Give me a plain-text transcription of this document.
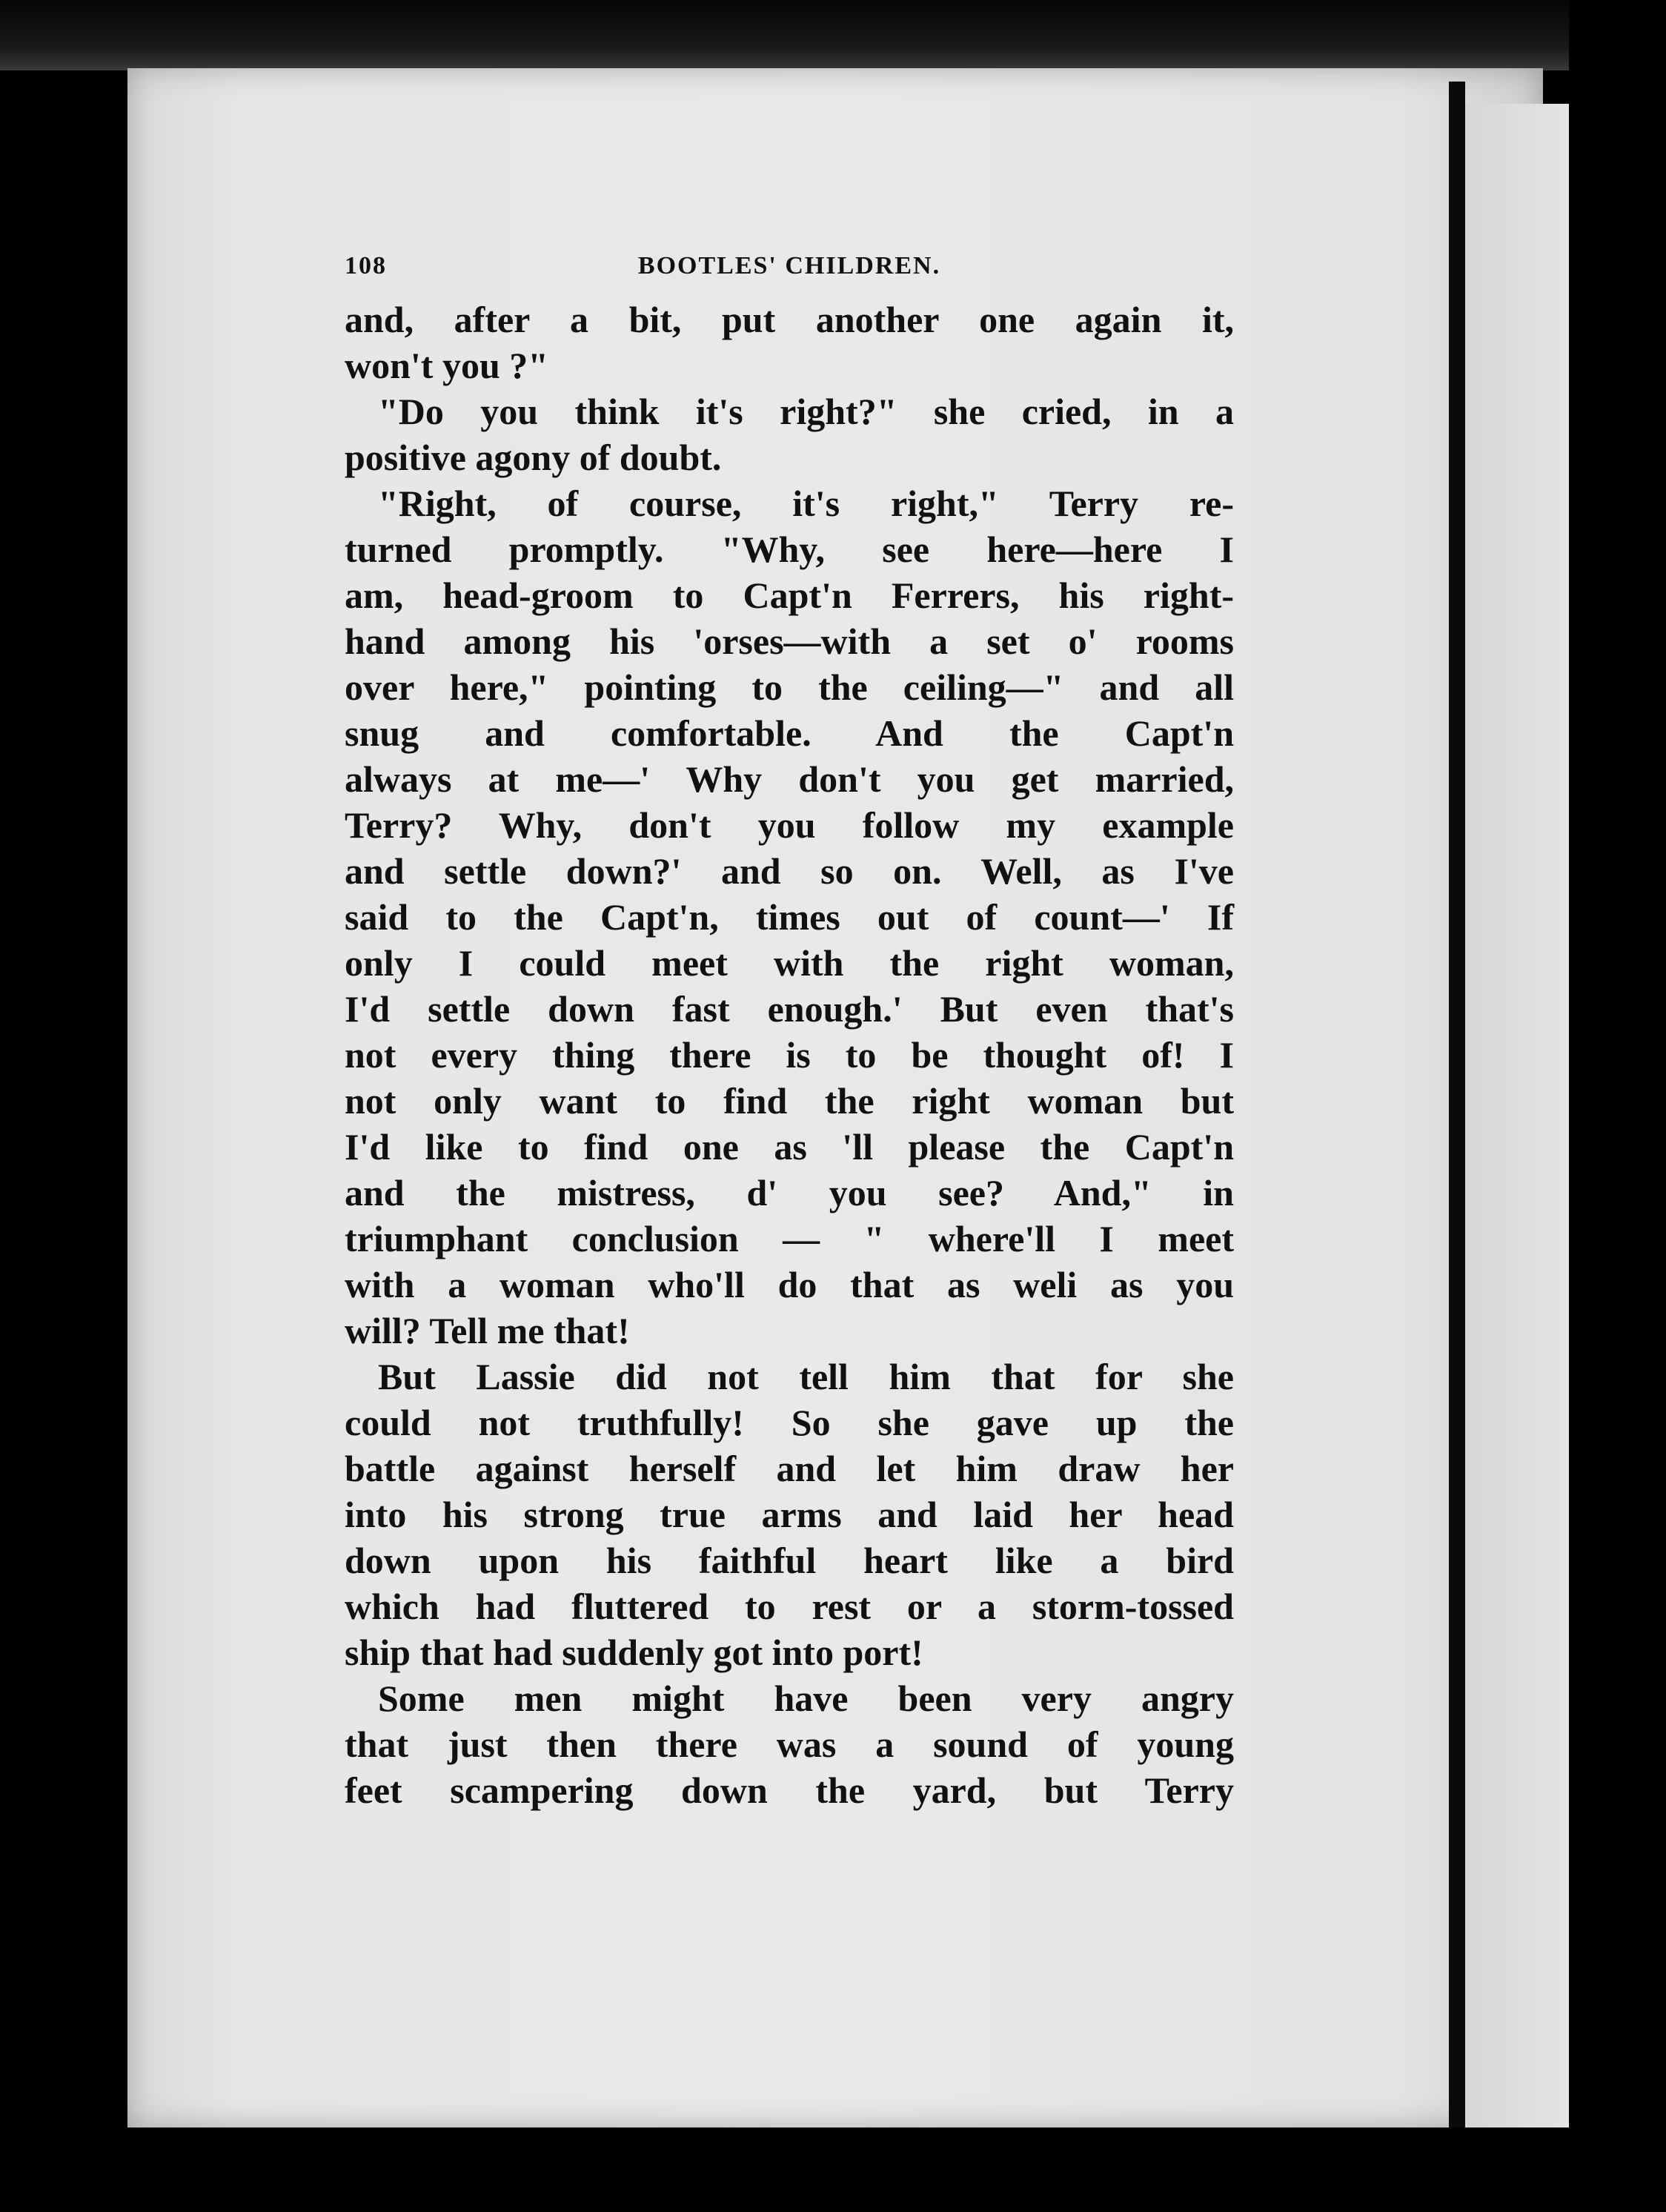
108	BOOTLES' CHILDREN.
and, after a bit, put another one again it,
won't you ?"
"Do you think it's right?" she cried, in a
positive agony of doubt.
"Right, of course, it's right," Terry re-
turned promptly. "Why, see here—here I
am, head-groom to Capt'n Ferrers, his right-
hand among his 'orses—with a set o' rooms
over here," pointing to the ceiling—" and all
snug and comfortable. And the Capt'n
always at me—' Why don't you get married,
Terry? Why, don't you follow my example
and settle down?' and so on. Well, as I've
said to the Capt'n, times out of count—' If
only I could meet with the right woman,
I'd settle down fast enough.' But even that's
not every thing there is to be thought of! I
not only want to find the right woman but
I'd like to find one as 'll please the Capt'n
and the mistress, d' you see? And," in
triumphant conclusion — " where'll I meet
with a woman who'll do that as weli as you
will? Tell me that!
But Lassie did not tell him that for she
could not truthfully! So she gave up the
battle against herself and let him draw her
into his strong true arms and laid her head
down upon his faithful heart like a bird
which had fluttered to rest or a storm-tossed
ship that had suddenly got into port!
Some men might have been very angry
that just then there was a sound of young
feet scampering down the yard, but Terry
